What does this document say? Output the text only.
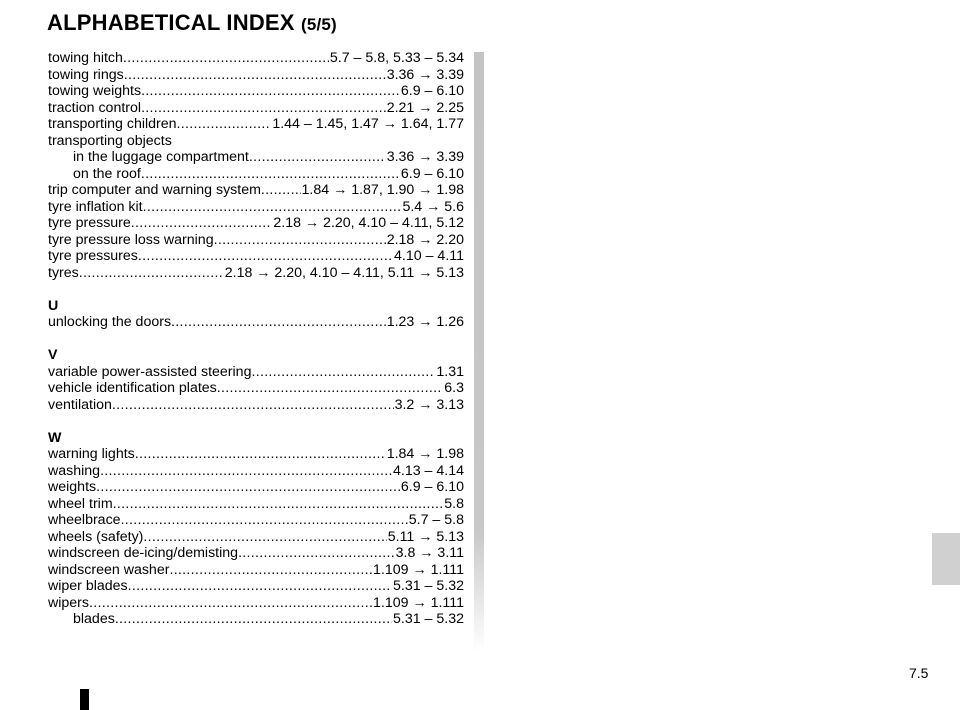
ALPHABETICAL INDEX (5/5)
towing hitch .....	5.7 – 5.8, 5.33 – 5.34
towing rings .....	3.36 → 3.39
towing weights .....	6.9 – 6.10
traction control .....	2.21 → 2.25
transporting children .....	1.44 – 1.45, 1.47 → 1.64, 1.77
transporting objects
in the luggage compartment .....	3.36 → 3.39
on the roof .....	6.9 – 6.10
trip computer and warning system .....	1.84 → 1.87, 1.90 → 1.98
tyre inflation kit .....	5.4 → 5.6
tyre pressure .....	2.18 → 2.20, 4.10 – 4.11, 5.12
tyre pressure loss warning .....	2.18 → 2.20
tyre pressures .....	4.10 – 4.11
tyres .....	2.18 → 2.20, 4.10 – 4.11, 5.11 → 5.13
U
unlocking the doors .....	1.23 → 1.26
V
variable power-assisted steering .....	1.31
vehicle identification plates .....	6.3
ventilation .....	3.2 → 3.13
W
warning lights .....	1.84 → 1.98
washing .....	4.13 – 4.14
weights .....	6.9 – 6.10
wheel trim .....	5.8
wheelbrace .....	5.7 – 5.8
wheels (safety) .....	5.11 → 5.13
windscreen de-icing/demisting .....	3.8 → 3.11
windscreen washer .....	1.109 → 1.111
wiper blades .....	5.31 – 5.32
wipers .....	1.109 → 1.111
blades .....	5.31 – 5.32
7.5
